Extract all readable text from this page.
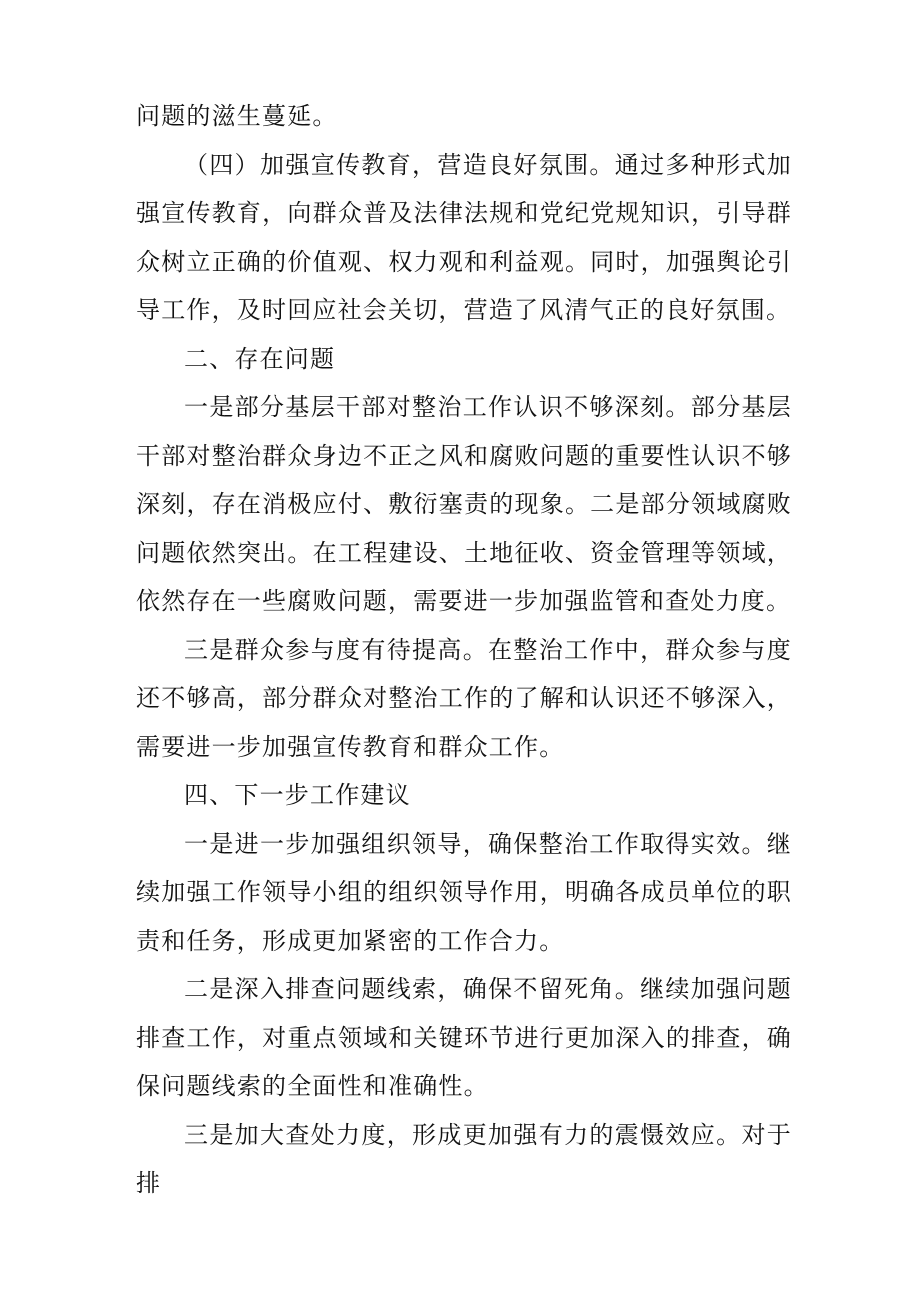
问题的滋生蔓延。

（四）加强宣传教育，营造良好氛围。通过多种形式加强宣传教育，向群众普及法律法规和党纪党规知识，引导群众树立正确的价值观、权力观和利益观。同时，加强舆论引导工作，及时回应社会关切，营造了风清气正的良好氛围。

二、存在问题

一是部分基层干部对整治工作认识不够深刻。部分基层干部对整治群众身边不正之风和腐败问题的重要性认识不够深刻，存在消极应付、敷衍塞责的现象。二是部分领域腐败问题依然突出。在工程建设、土地征收、资金管理等领域，依然存在一些腐败问题，需要进一步加强监管和查处力度。

三是群众参与度有待提高。在整治工作中，群众参与度还不够高，部分群众对整治工作的了解和认识还不够深入，需要进一步加强宣传教育和群众工作。

四、下一步工作建议

一是进一步加强组织领导，确保整治工作取得实效。继续加强工作领导小组的组织领导作用，明确各成员单位的职责和任务，形成更加紧密的工作合力。

二是深入排查问题线索，确保不留死角。继续加强问题排查工作，对重点领域和关键环节进行更加深入的排查，确保问题线索的全面性和准确性。

三是加大查处力度，形成更加强有力的震慑效应。对于排
